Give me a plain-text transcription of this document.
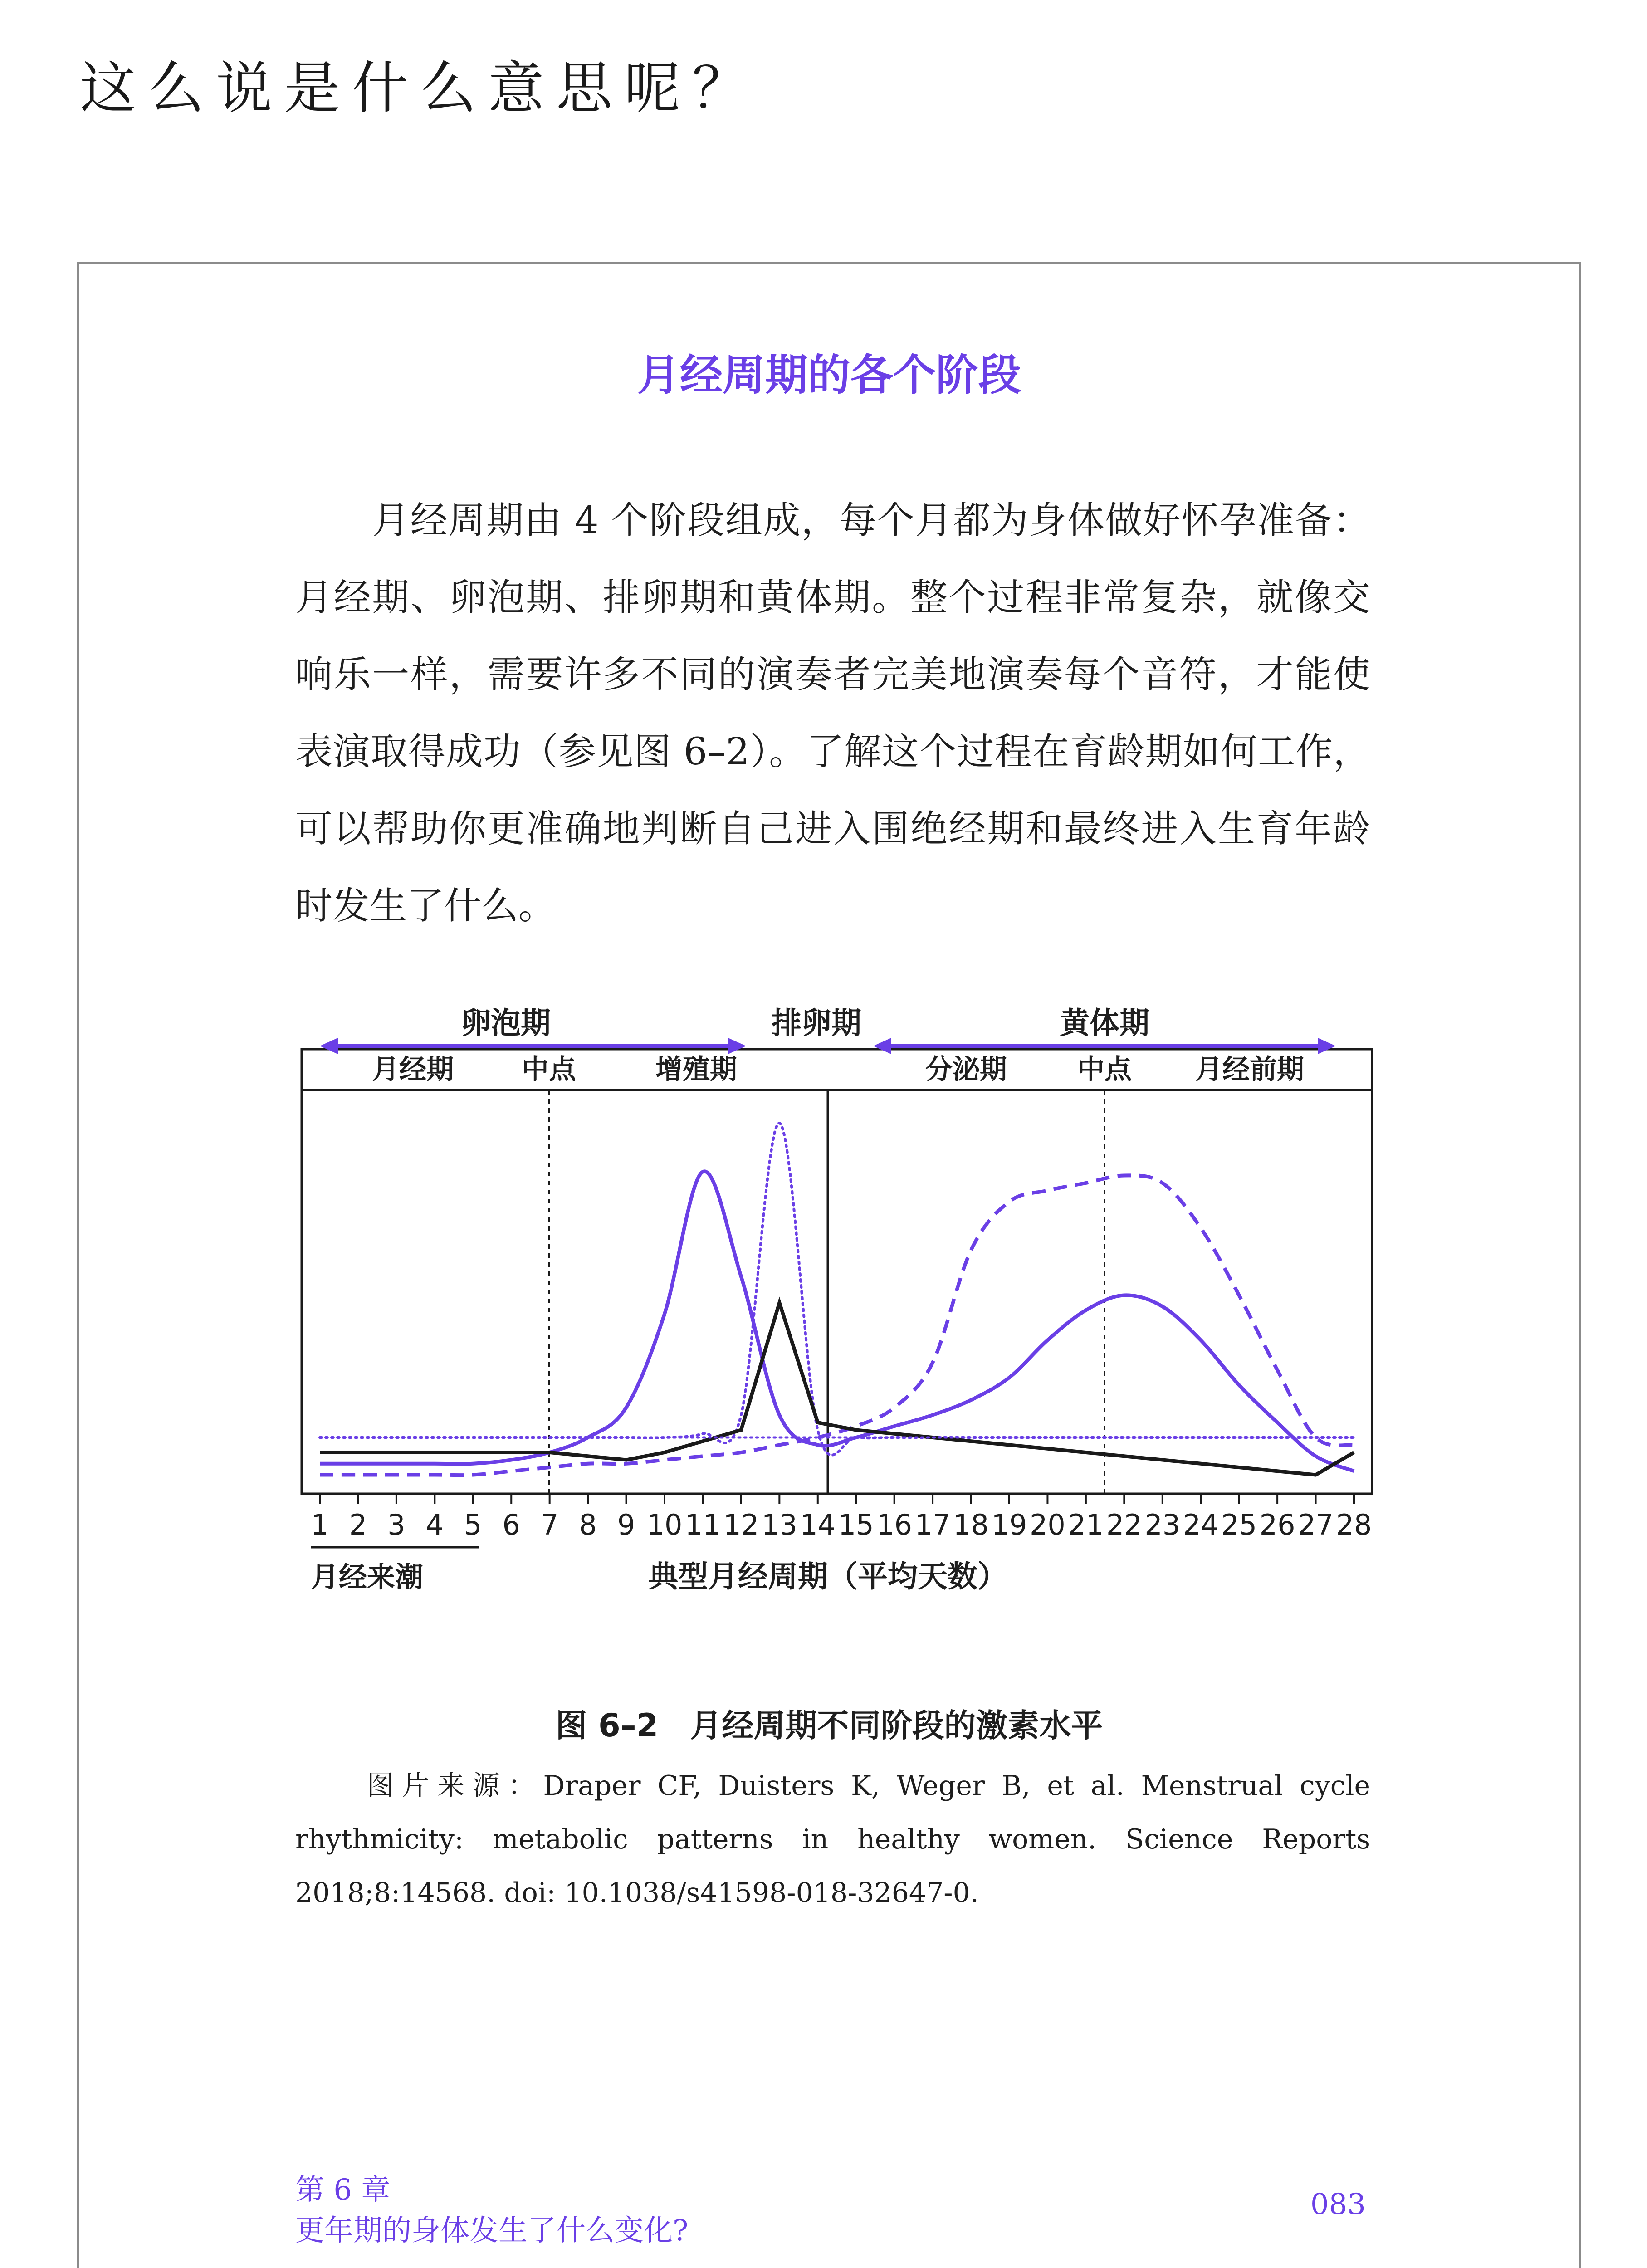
这么说是什么意思呢？
月经周期的各个阶段
月经周期由 4 个阶段组成，每个月都为身体做好怀孕准备：月经期、卵泡期、排卵期和黄体期。整个过程非常复杂，就像交响乐一样，需要许多不同的演奏者完美地演奏每个音符，才能使表演取得成功（参见图 6–2）。了解这个过程在育龄期如何工作，可以帮助你更准确地判断自己进入围绝经期和最终进入生育年龄时发生了什么。
卵泡期	排卵期	黄体期
月经期	中点	增殖期	分泌期	中点 月经前期
1 2 3 4 5 6 7 8 9 10 11 12 13 14 15 16 17 18 19 20 21 22 23 24 25 26 27 28
月经来潮	典型月经周期（平均天数）
图 6–2　月经周期不同阶段的激素水平
图片来源：Draper CF, Duisters K, Weger B, et al. Menstrual cycle rhythmicity: metabolic patterns in healthy women. Science Reports 2018;8:14568. doi: 10.1038/s41598-018-32647-0.
第 6 章
更年期的身体发生了什么变化?
083
